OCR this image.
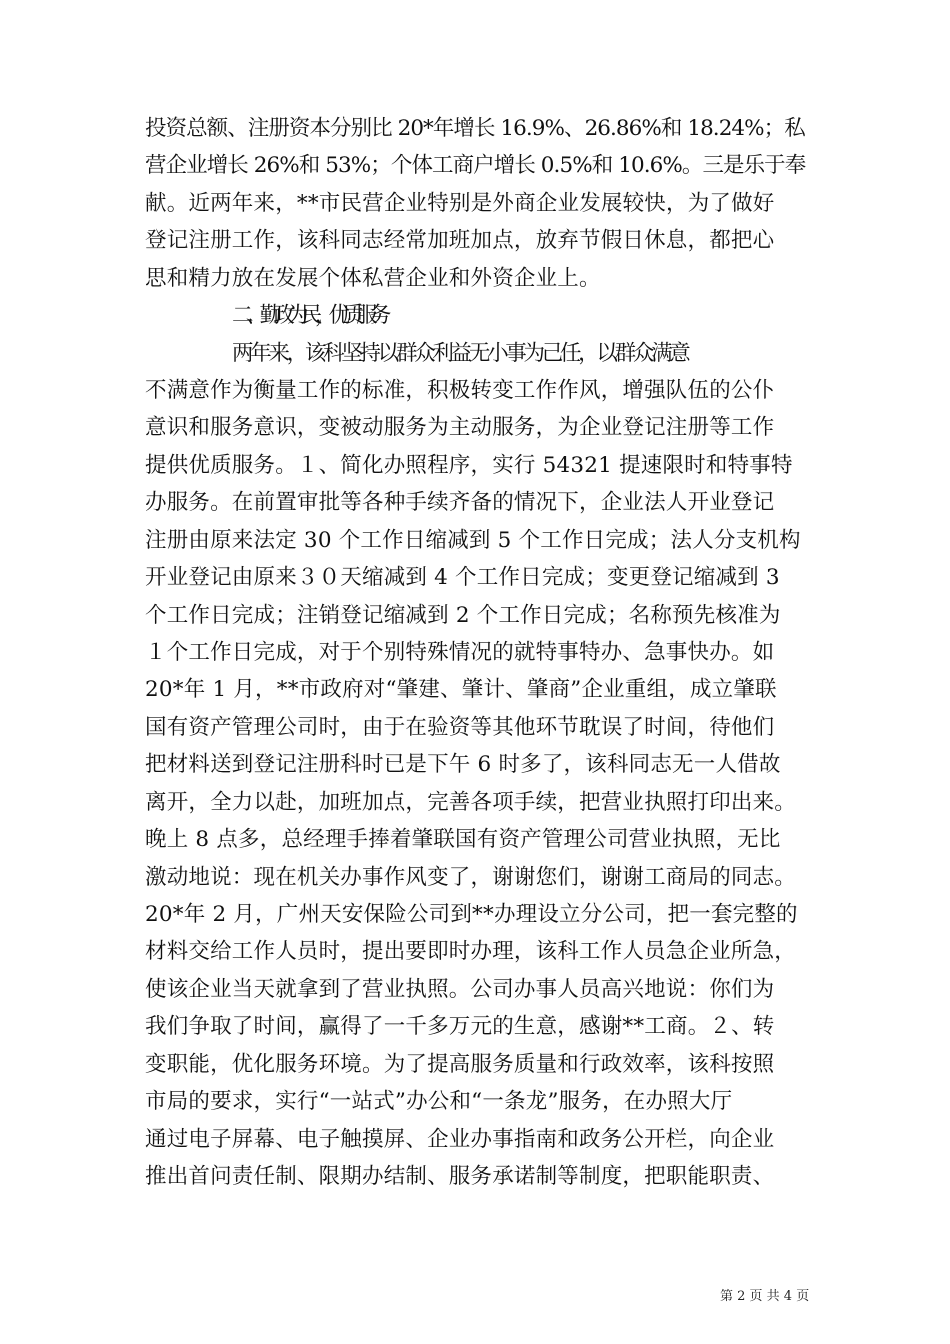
投资总额、注册资本分别比 20*年增长 16.9%、26.86%和 18.24%；私
营企业增长 26%和 53%；个体工商户增长 0.5%和 10.6%。三是乐于奉
献。近两年来，**市民营企业特别是外商企业发展较快，为了做好
登记注册工作，该科同志经常加班加点，放弃节假日休息，都把心
思和精力放在发展个体私营企业和外资企业上。
二、勤政为民，优质服务
两年来，该科坚持以群众利益无小事为己任，以群众满意
不满意作为衡量工作的标准，积极转变工作作风，增强队伍的公仆
意识和服务意识，变被动服务为主动服务，为企业登记注册等工作
提供优质服务。１、简化办照程序，实行 54321 提速限时和特事特
办服务。在前置审批等各种手续齐备的情况下，企业法人开业登记
注册由原来法定 30 个工作日缩减到 5 个工作日完成；法人分支机构
开业登记由原来３０天缩减到 4 个工作日完成；变更登记缩减到 3
个工作日完成；注销登记缩减到 2 个工作日完成；名称预先核准为
１个工作日完成，对于个别特殊情况的就特事特办、急事快办。如
20*年 1 月，**市政府对“肇建、肇计、肇商”企业重组，成立肇联
国有资产管理公司时，由于在验资等其他环节耽误了时间，待他们
把材料送到登记注册科时已是下午 6 时多了，该科同志无一人借故
离开，全力以赴，加班加点，完善各项手续，把营业执照打印出来。
晚上 8 点多，总经理手捧着肇联国有资产管理公司营业执照，无比
激动地说：现在机关办事作风变了，谢谢您们，谢谢工商局的同志。
20*年 2 月，广州天安保险公司到**办理设立分公司，把一套完整的
材料交给工作人员时，提出要即时办理，该科工作人员急企业所急，
使该企业当天就拿到了营业执照。公司办事人员高兴地说：你们为
我们争取了时间，赢得了一千多万元的生意，感谢**工商。２、转
变职能，优化服务环境。为了提高服务质量和行政效率，该科按照
市局的要求，实行“一站式”办公和“一条龙”服务，在办照大厅
通过电子屏幕、电子触摸屏、企业办事指南和政务公开栏，向企业
推出首问责任制、限期办结制、服务承诺制等制度，把职能职责、
第 2 页 共 4 页
